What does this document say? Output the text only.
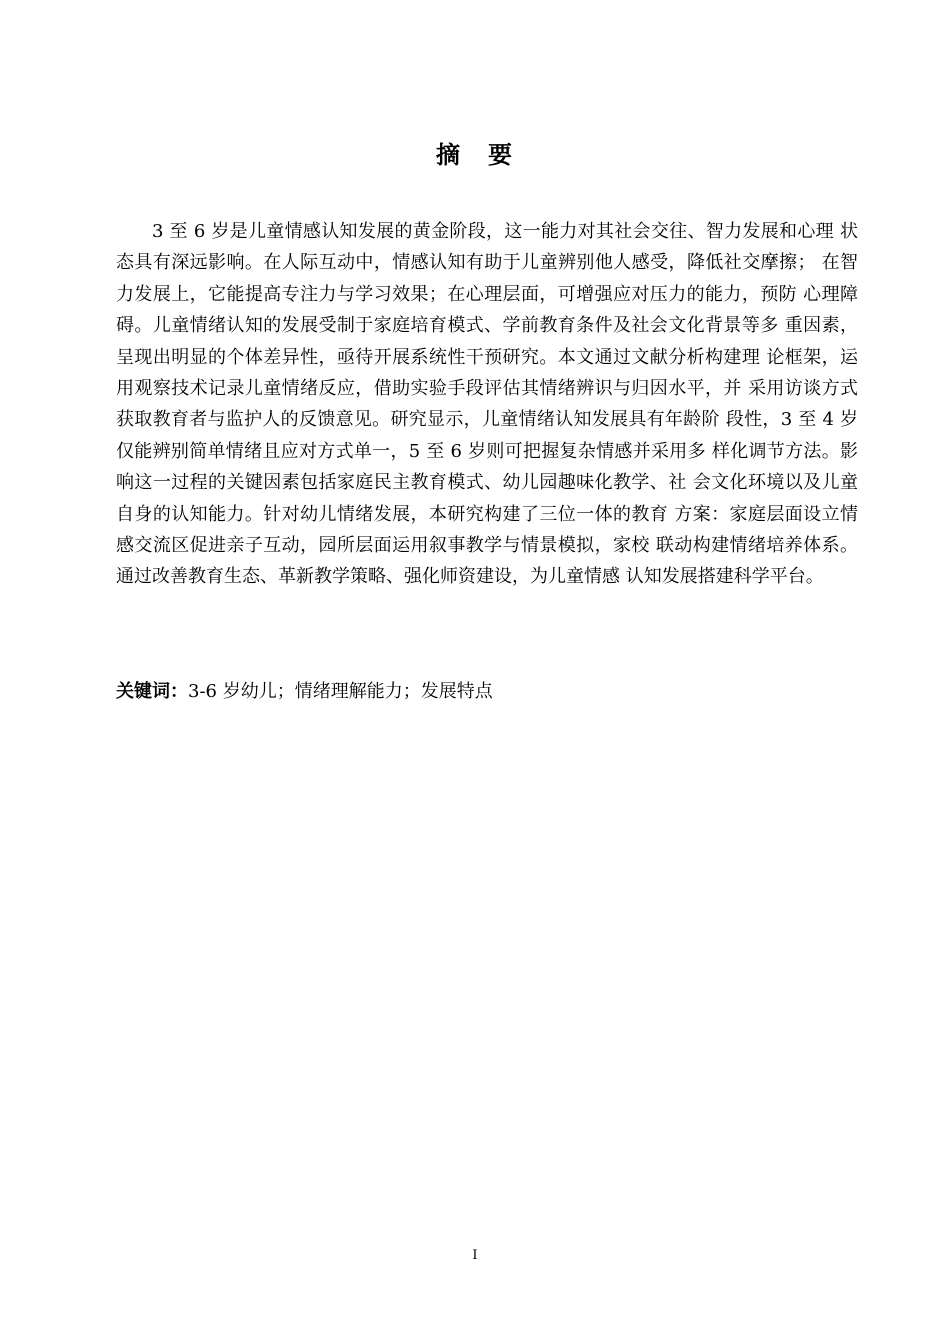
摘　要

3 至 6 岁是儿童情感认知发展的黄金阶段，这一能力对其社会交往、智力发展和心理 状态具有深远影响。在人际互动中，情感认知有助于儿童辨别他人感受，降低社交摩擦； 在智力发展上，它能提高专注力与学习效果；在心理层面，可增强应对压力的能力，预防 心理障碍。儿童情绪认知的发展受制于家庭培育模式、学前教育条件及社会文化背景等多 重因素，呈现出明显的个体差异性，亟待开展系统性干预研究。本文通过文献分析构建理 论框架，运用观察技术记录儿童情绪反应，借助实验手段评估其情绪辨识与归因水平，并 采用访谈方式获取教育者与监护人的反馈意见。研究显示，儿童情绪认知发展具有年龄阶 段性，3 至 4 岁仅能辨别简单情绪且应对方式单一，5 至 6 岁则可把握复杂情感并采用多 样化调节方法。影响这一过程的关键因素包括家庭民主教育模式、幼儿园趣味化教学、社 会文化环境以及儿童自身的认知能力。针对幼儿情绪发展，本研究构建了三位一体的教育 方案：家庭层面设立情感交流区促进亲子互动，园所层面运用叙事教学与情景模拟，家校 联动构建情绪培养体系。通过改善教育生态、革新教学策略、强化师资建设，为儿童情感 认知发展搭建科学平台。

关键词：3-6 岁幼儿；情绪理解能力；发展特点

I
